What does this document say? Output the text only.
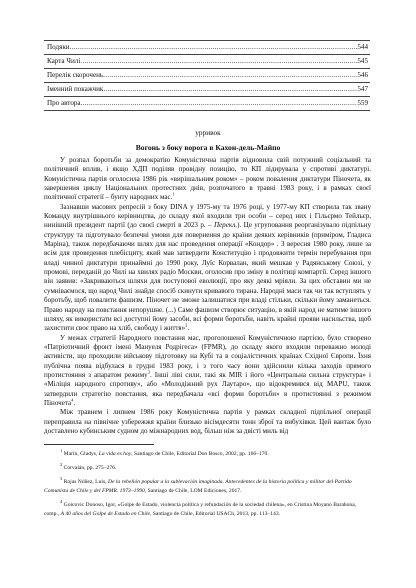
Подяки .....	544
Карта Чилі .....	545
Перелік скорочень .....	546
Іменний покажчик .....	547
Про автора .....	559
урривок
Вогонь з боку ворога в Кахон-дель-Майпо

У розпал боротьби за демократію Комуністична партія відновила свій потужний соціальний та політичний вплив, і якщо ХДП поділяв провідну позицію, то КП лідирувала у спротиві диктатурі. Комуністична партія оголосила 1986 рік «вирішальним роком» – роком повалення диктатури Піночета, як завершення циклу Національних протестних днів, розпочатого в травні 1983 року, і в рамках своєї політичної стратегії – бунту народних мас.$^1$

Зазнавши масових репресій з боку DINA у 1975-му та 1976 році, у 1977-му КП створила так звану Команду внутрішнього керівництва, до складу якої входили три особи – серед них і Гільєрмо Тейльєр, нинішній президент партії (до своєї смерті в 2023 р. – Перекл.). Це угруповання реорганізувало підпільну структуру та підготувало безпечні умови для повернення до країни деяких керівників (приміром, Гладиса Маріна), також передбачаючи шлях для нас проведення операції «Кондор» . З вересня 1980 року, лише за всім для проведення плебісциту, який мав затвердити Конституцію і продовжити термін перебування при владі чинної диктатури принаймні до 1990 року, Луїс Корвалан, який мешкав у Радянському Союзі, у промові, переданій до Чилі на хвилях радіо Москви, оголосив про зміну в політиці компартії. Серед іншого він заявив: «Закриваються шляхи для поступової еволюції, про яку деякі мріяли. За цих обставин ми не сумніваємося, що народ Чилі знайде спосіб скинути кривавого тирана. Народні маси так чи так вступлять у боротьбу, щоб повалити фашизм. Піночет не зможе залишатися при владі стільки, скільки йому заманеться. Право народу на повстання непорушне. (...) Саме фашизм створює ситуацію, в якій народ не матиме іншого шляху, як використати всі доступні йому засоби, всі форми боротьби, навіть крайні прояви насильства, щоб захистити своє право на хліб, свободу і життя»$^2$.

У межах стратегії Народного повстання мас, проголошеної Комуністичною партією, було створено «Патріотичний фронт імені Мануеля Родрігеса» (FPMR), до складу якого входили переважно молоді активісти, що проходили військову підготовку на Кубі та в соціалістичних країнах Східної Європи. Їхня публічна поява відбулася в грудні 1983 року, і з того часу вони здійснили кілька заходів прямого протистояння з апаратом режиму$^3$. Інші ліві сили, такі як MIR і його «Центральна сильна структура» і «Міліція народного спротиву», або «Молодіжний рух Лаутаро», що відокремився від MAPU, також затвердили стратегію повстання, яка передбачала «всі форми боротьби» в протистоянні з режимом Піночета$^4$.

Між травнем і липнем 1986 року Комуністична партія у рамках складної підпільної операції переправила на північне узбережжя країни близько вісімдесяти тонн зброї та вибухівки. Цей вантаж було доставлено кубинським судном до міжнародних вод, більш ніж за двісті миль від

$^1$ Marín, Gladys, La vida es hoy, Santiago de Chile, Editorial Don Bosco, 2002, pp. 166–170.

$^2$ Corvalán, pp. 275–276.

$^3$ Rojas Núñez, Luis, De la rebelión popular a la sublevación imaginada. Antecedentes de la historia política y militar del Partido Comunista de Chile y del FPMR. 1973–1990, Santiago de Chile, LOM Ediciones, 2017.

$^4$ Goicovic Donoso, Igor, «Golpe de Estado, violencia política y refundación de la sociedad chilena», en Cristina Moyano Barahona, comp., A 40 años del Golpe de Estado en Chile, Santiago de Chile, Editorial USACh, 2013, pp. 113–143.
